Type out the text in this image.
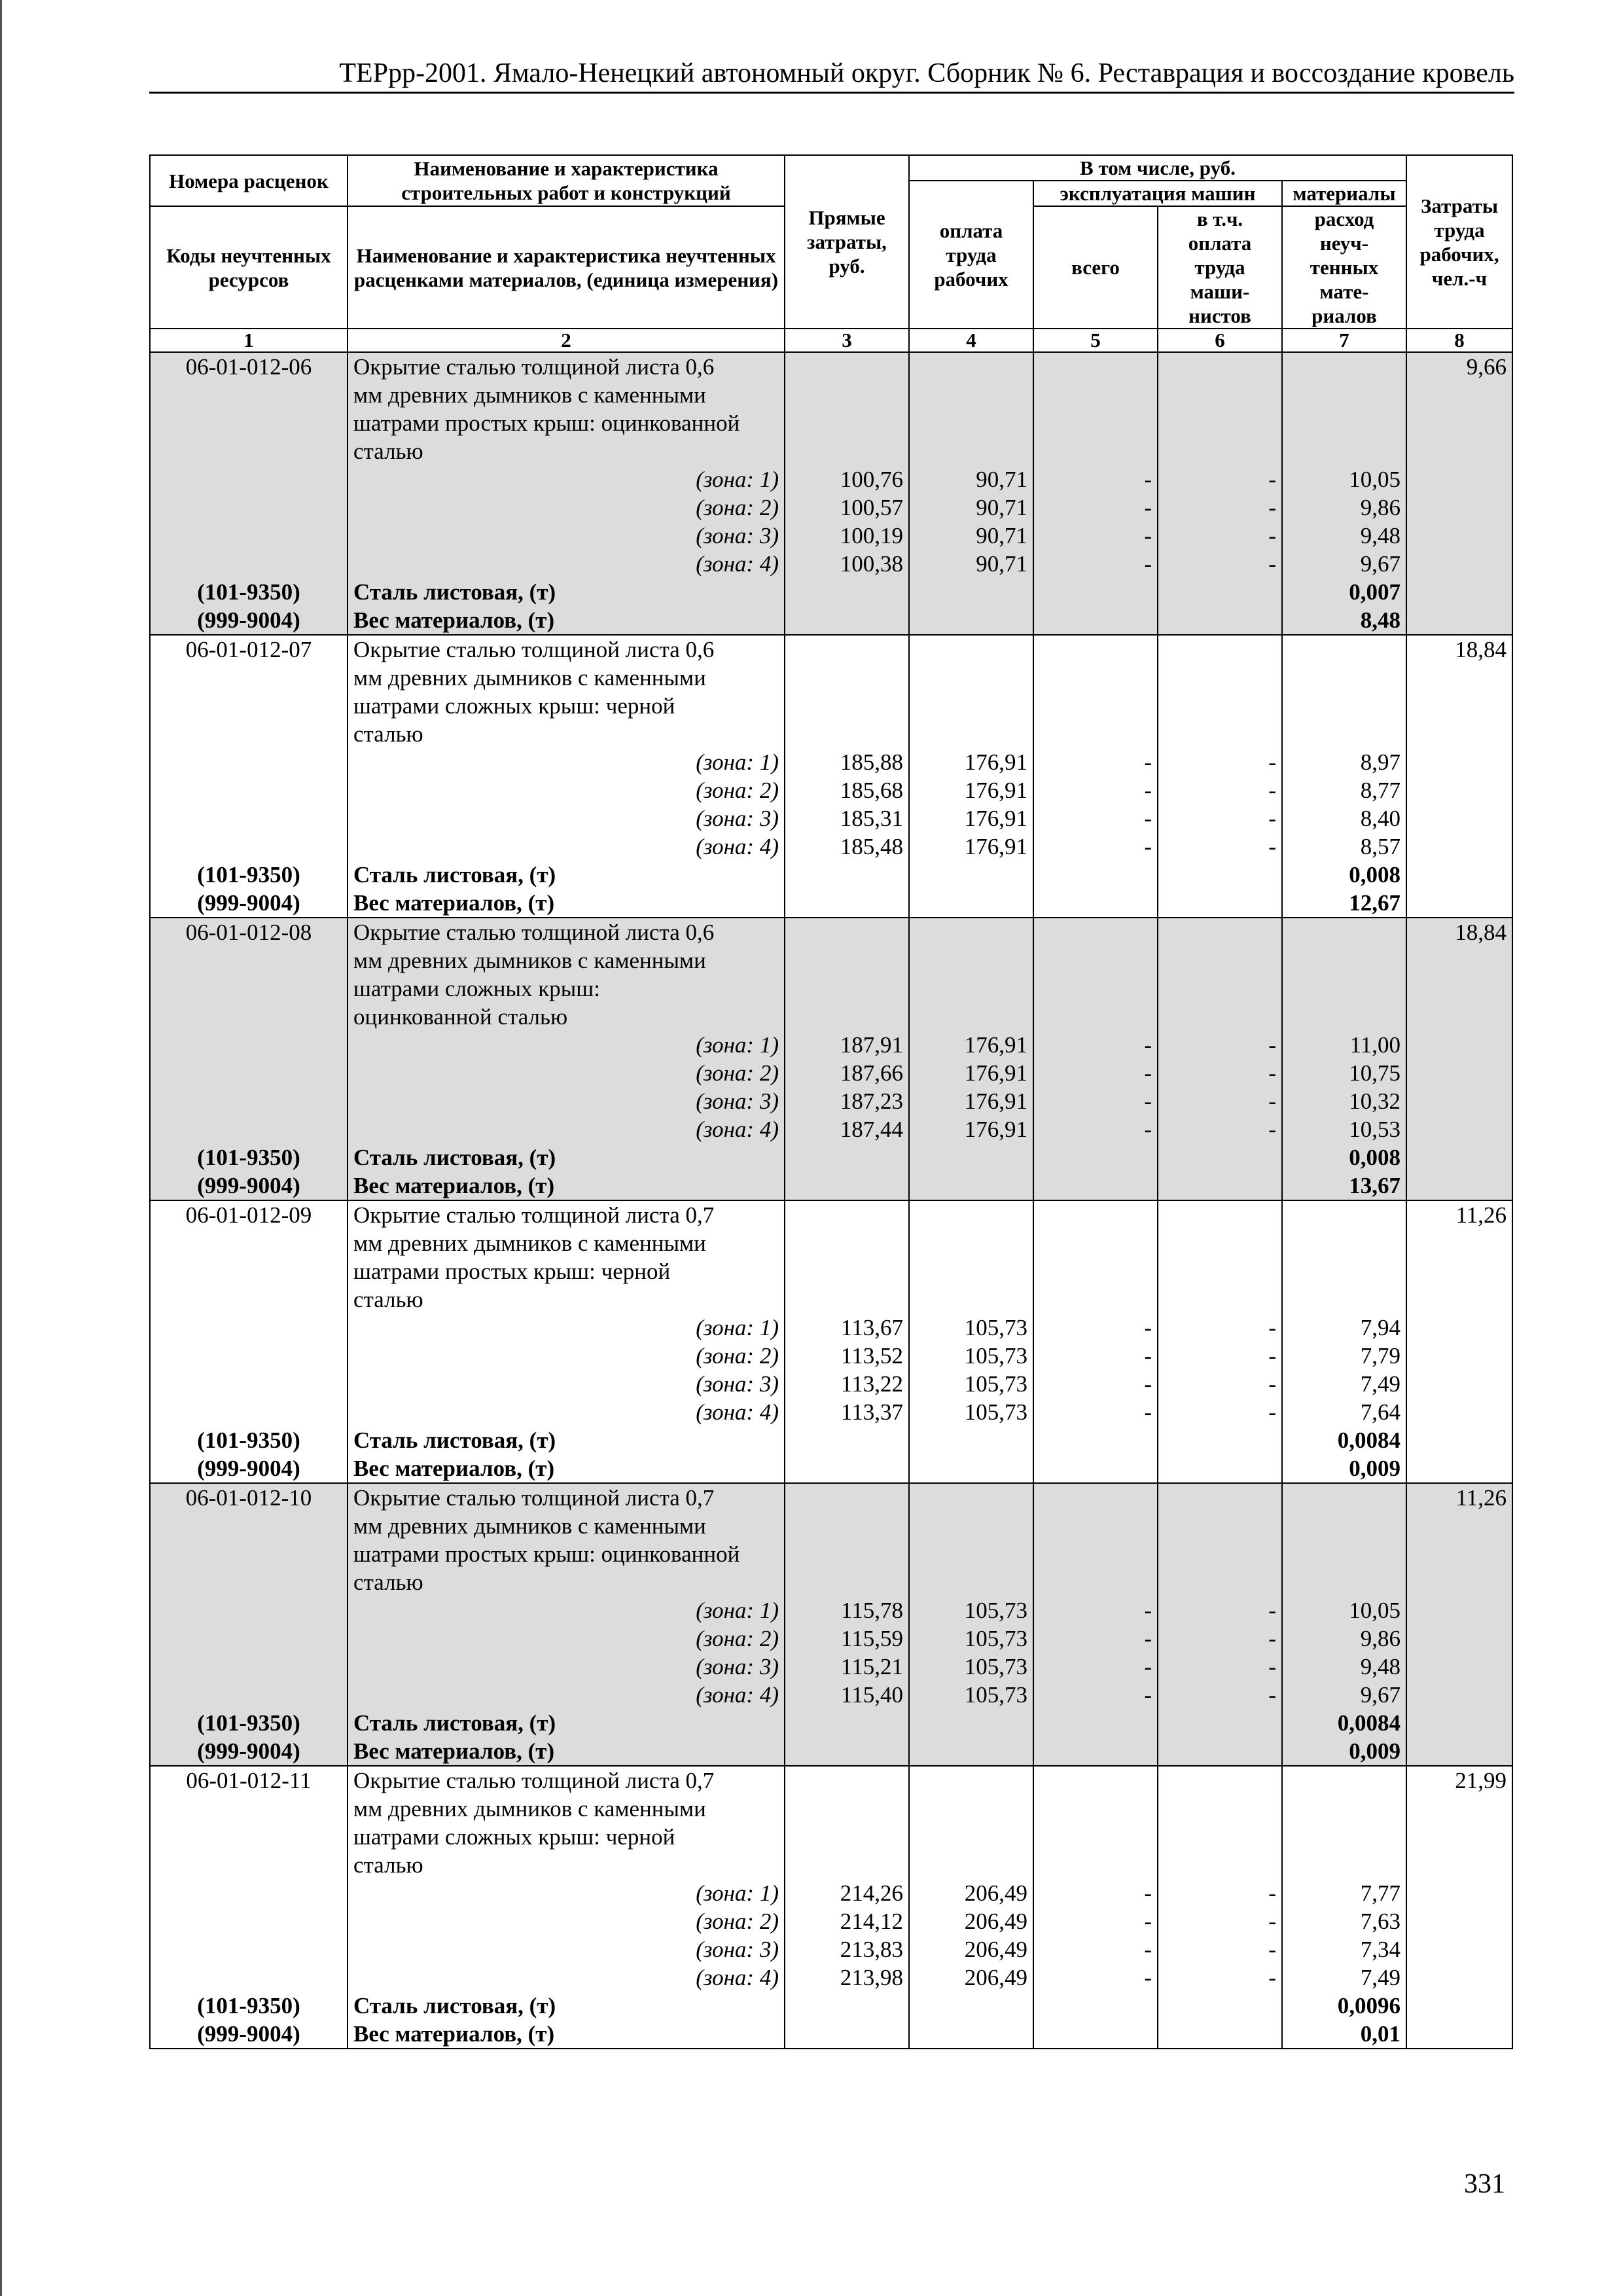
ТЕРрр-2001. Ямало-Ненецкий автономный округ. Сборник № 6. Реставрация и воссоздание кровель
Номера расценок	Наименование и характеристика строительных работ и конструкций	Прямые затраты, руб.	В том числе, руб.				Затраты труда рабочих, чел.-ч
			оплата труда рабочих	эксплуатация машин		материалы	
Коды неучтенных ресурсов	Наименование и характеристика неучтенных расценками материалов, (единица измерения)			всего	в т.ч. оплата труда маши-нистов	расход неуч-тенных мате-риалов	

1	2	3	4	5	6	7	8
06-01-012-06	Окрытие сталью толщиной листа 0,6						9,66
	мм древних дымников с каменными						
	шатрами простых крыш: оцинкованной						
	сталью						
	(зона: 1)	100,76	90,71	-	-	10,05	
	(зона: 2)	100,57	90,71	-	-	9,86	
	(зона: 3)	100,19	90,71	-	-	9,48	
	(зона: 4)	100,38	90,71	-	-	9,67	
(101-9350)	Сталь листовая, (т)					0,007	
(999-9004)	Вес материалов, (т)					8,48	
06-01-012-07	Окрытие сталью толщиной листа 0,6						18,84
	мм древних дымников с каменными						
	шатрами сложных крыш: черной						
	сталью						
	(зона: 1)	185,88	176,91	-	-	8,97	
	(зона: 2)	185,68	176,91	-	-	8,77	
	(зона: 3)	185,31	176,91	-	-	8,40	
	(зона: 4)	185,48	176,91	-	-	8,57	
(101-9350)	Сталь листовая, (т)					0,008	
(999-9004)	Вес материалов, (т)					12,67	
06-01-012-08	Окрытие сталью толщиной листа 0,6						18,84
	мм древних дымников с каменными						
	шатрами сложных крыш:						
	оцинкованной сталью						
	(зона: 1)	187,91	176,91	-	-	11,00	
	(зона: 2)	187,66	176,91	-	-	10,75	
	(зона: 3)	187,23	176,91	-	-	10,32	
	(зона: 4)	187,44	176,91	-	-	10,53	
(101-9350)	Сталь листовая, (т)					0,008	
(999-9004)	Вес материалов, (т)					13,67	
06-01-012-09	Окрытие сталью толщиной листа 0,7						11,26
	мм древних дымников с каменными						
	шатрами простых крыш: черной						
	сталью						
	(зона: 1)	113,67	105,73	-	-	7,94	
	(зона: 2)	113,52	105,73	-	-	7,79	
	(зона: 3)	113,22	105,73	-	-	7,49	
	(зона: 4)	113,37	105,73	-	-	7,64	
(101-9350)	Сталь листовая, (т)					0,0084	
(999-9004)	Вес материалов, (т)					0,009	
06-01-012-10	Окрытие сталью толщиной листа 0,7						11,26
	мм древних дымников с каменными						
	шатрами простых крыш: оцинкованной						
	сталью						
	(зона: 1)	115,78	105,73	-	-	10,05	
	(зона: 2)	115,59	105,73	-	-	9,86	
	(зона: 3)	115,21	105,73	-	-	9,48	
	(зона: 4)	115,40	105,73	-	-	9,67	
(101-9350)	Сталь листовая, (т)					0,0084	
(999-9004)	Вес материалов, (т)					0,009	
06-01-012-11	Окрытие сталью толщиной листа 0,7						21,99
	мм древних дымников с каменными						
	шатрами сложных крыш: черной						
	сталью						
	(зона: 1)	214,26	206,49	-	-	7,77	
	(зона: 2)	214,12	206,49	-	-	7,63	
	(зона: 3)	213,83	206,49	-	-	7,34	
	(зона: 4)	213,98	206,49	-	-	7,49	
(101-9350)	Сталь листовая, (т)					0,0096	
(999-9004)	Вес материалов, (т)					0,01	
331
